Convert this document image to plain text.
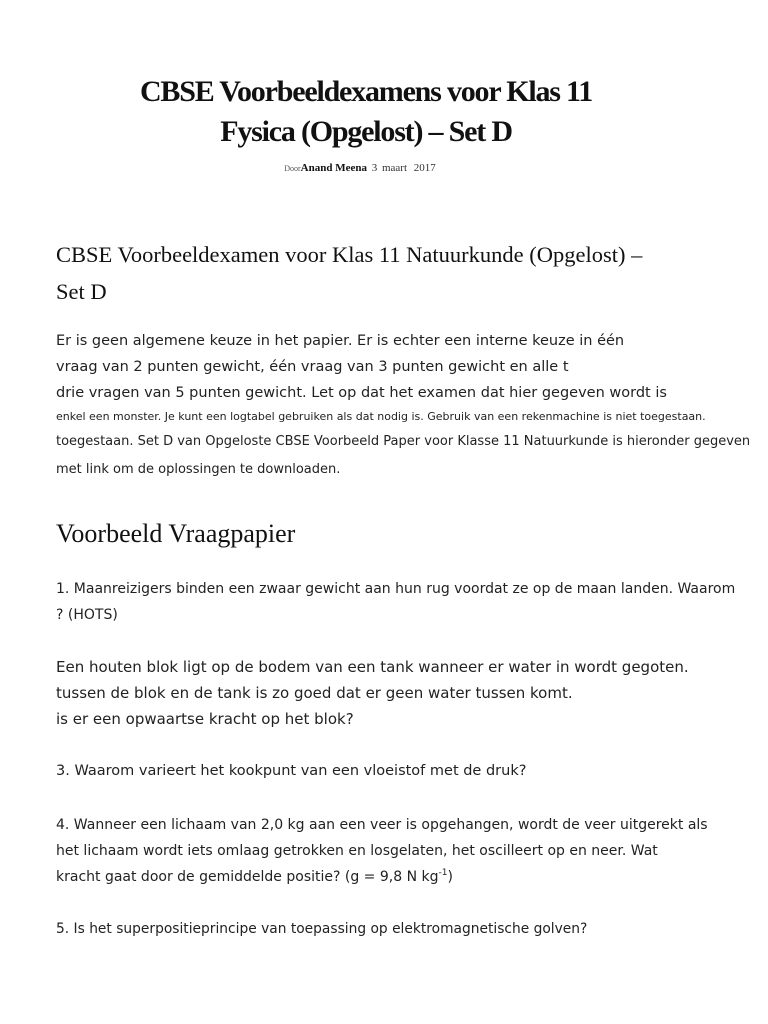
CBSE Voorbeeldexamens voor Klas 11
Fysica (Opgelost) – Set D
DoorAnand Meena 3 maart 2017
CBSE Voorbeeldexamen voor Klas 11 Natuurkunde (Opgelost) –
Set D
Er is geen algemene keuze in het papier. Er is echter een interne keuze in één
vraag van 2 punten gewicht, één vraag van 3 punten gewicht en alle t
drie vragen van 5 punten gewicht. Let op dat het examen dat hier gegeven wordt is
enkel een monster. Je kunt een logtabel gebruiken als dat nodig is. Gebruik van een rekenmachine is niet toegestaan.
toegestaan. Set D van Opgeloste CBSE Voorbeeld Paper voor Klasse 11 Natuurkunde is hieronder gegeven
met link om de oplossingen te downloaden.
Voorbeeld Vraagpapier
1. Maanreizigers binden een zwaar gewicht aan hun rug voordat ze op de maan landen. Waarom
? (HOTS)
Een houten blok ligt op de bodem van een tank wanneer er water in wordt gegoten.
tussen de blok en de tank is zo goed dat er geen water tussen komt.
is er een opwaartse kracht op het blok?
3. Waarom varieert het kookpunt van een vloeistof met de druk?
4. Wanneer een lichaam van 2,0 kg aan een veer is opgehangen, wordt de veer uitgerekt als
het lichaam wordt iets omlaag getrokken en losgelaten, het oscilleert op en neer. Wat
kracht gaat door de gemiddelde positie? (g = 9,8 N $kg^{-1}$)
5. Is het superpositieprincipe van toepassing op elektromagnetische golven?
